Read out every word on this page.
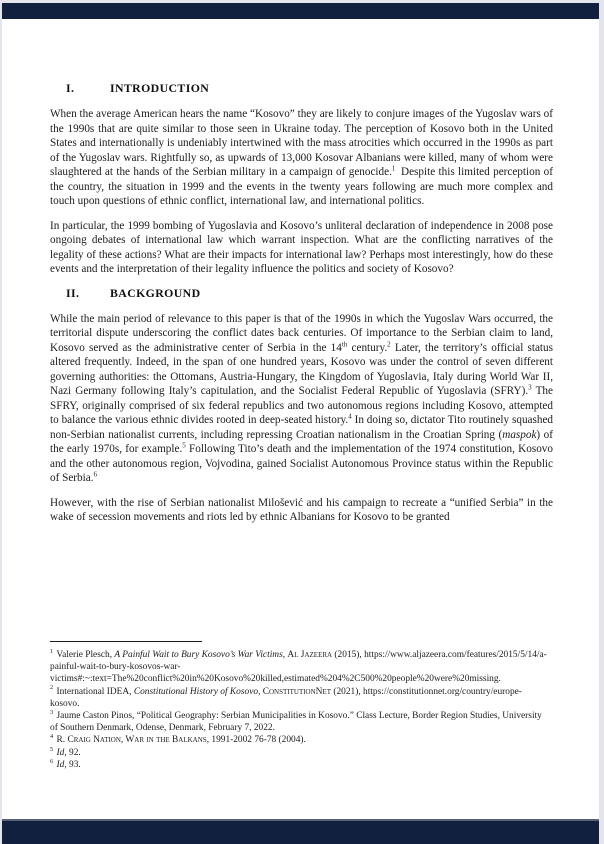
I.	INTRODUCTION

When the average American hears the name “Kosovo” they are likely to conjure images of the Yugoslav wars of the 1990s that are quite similar to those seen in Ukraine today. The perception of Kosovo both in the United States and internationally is undeniably intertwined with the mass atrocities which occurred in the 1990s as part of the Yugoslav wars. Rightfully so, as upwards of 13,000 Kosovar Albanians were killed, many of whom were slaughtered at the hands of the Serbian military in a campaign of genocide.$^1$ Despite this limited perception of the country, the situation in 1999 and the events in the twenty years following are much more complex and touch upon questions of ethnic conflict, international law, and international politics.

In particular, the 1999 bombing of Yugoslavia and Kosovo’s unliteral declaration of independence in 2008 pose ongoing debates of international law which warrant inspection. What are the conflicting narratives of the legality of these actions? What are their impacts for international law? Perhaps most interestingly, how do these events and the interpretation of their legality influence the politics and society of Kosovo?

II.	BACKGROUND

While the main period of relevance to this paper is that of the 1990s in which the Yugoslav Wars occurred, the territorial dispute underscoring the conflict dates back centuries. Of importance to the Serbian claim to land, Kosovo served as the administrative center of Serbia in the 14th century.$^2$ Later, the territory’s official status altered frequently. Indeed, in the span of one hundred years, Kosovo was under the control of seven different governing authorities: the Ottomans, Austria-Hungary, the Kingdom of Yugoslavia, Italy during World War II, Nazi Germany following Italy’s capitulation, and the Socialist Federal Republic of Yugoslavia (SFRY).$^3$ The SFRY, originally comprised of six federal republics and two autonomous regions including Kosovo, attempted to balance the various ethnic divides rooted in deep-seated history.$^4$ In doing so, dictator Tito routinely squashed non-Serbian nationalist currents, including repressing Croatian nationalism in the Croatian Spring (maspok) of the early 1970s, for example.$^5$ Following Tito’s death and the implementation of the 1974 constitution, Kosovo and the other autonomous region, Vojvodina, gained Socialist Autonomous Province status within the Republic of Serbia.$^6$

However, with the rise of Serbian nationalist Milošević and his campaign to recreate a “unified Serbia” in the wake of secession movements and riots led by ethnic Albanians for Kosovo to be granted

$^1$ Valerie Plesch, A Painful Wait to Bury Kosovo’s War Victims, Al Jazeera (2015), https://www.aljazeera.com/features/2015/5/14/a-painful-wait-to-bury-kosovos-war-victims#:~:text=The%20conflict%20in%20Kosovo%20killed,estimated%204%2C500%20people%20were%20missing.

$^2$ International IDEA, Constitutional History of Kosovo, ConstitutionNet (2021), https://constitutionnet.org/country/europe-kosovo.

$^3$ Jaume Caston Pinos, “Political Geography: Serbian Municipalities in Kosovo.” Class Lecture, Border Region Studies, University of Southern Denmark, Odense, Denmark, February 7, 2022.

$^4$ R. Craig Nation, War in the Balkans, 1991-2002 76-78 (2004).

$^5$ Id, 92.

$^6$ Id, 93.
